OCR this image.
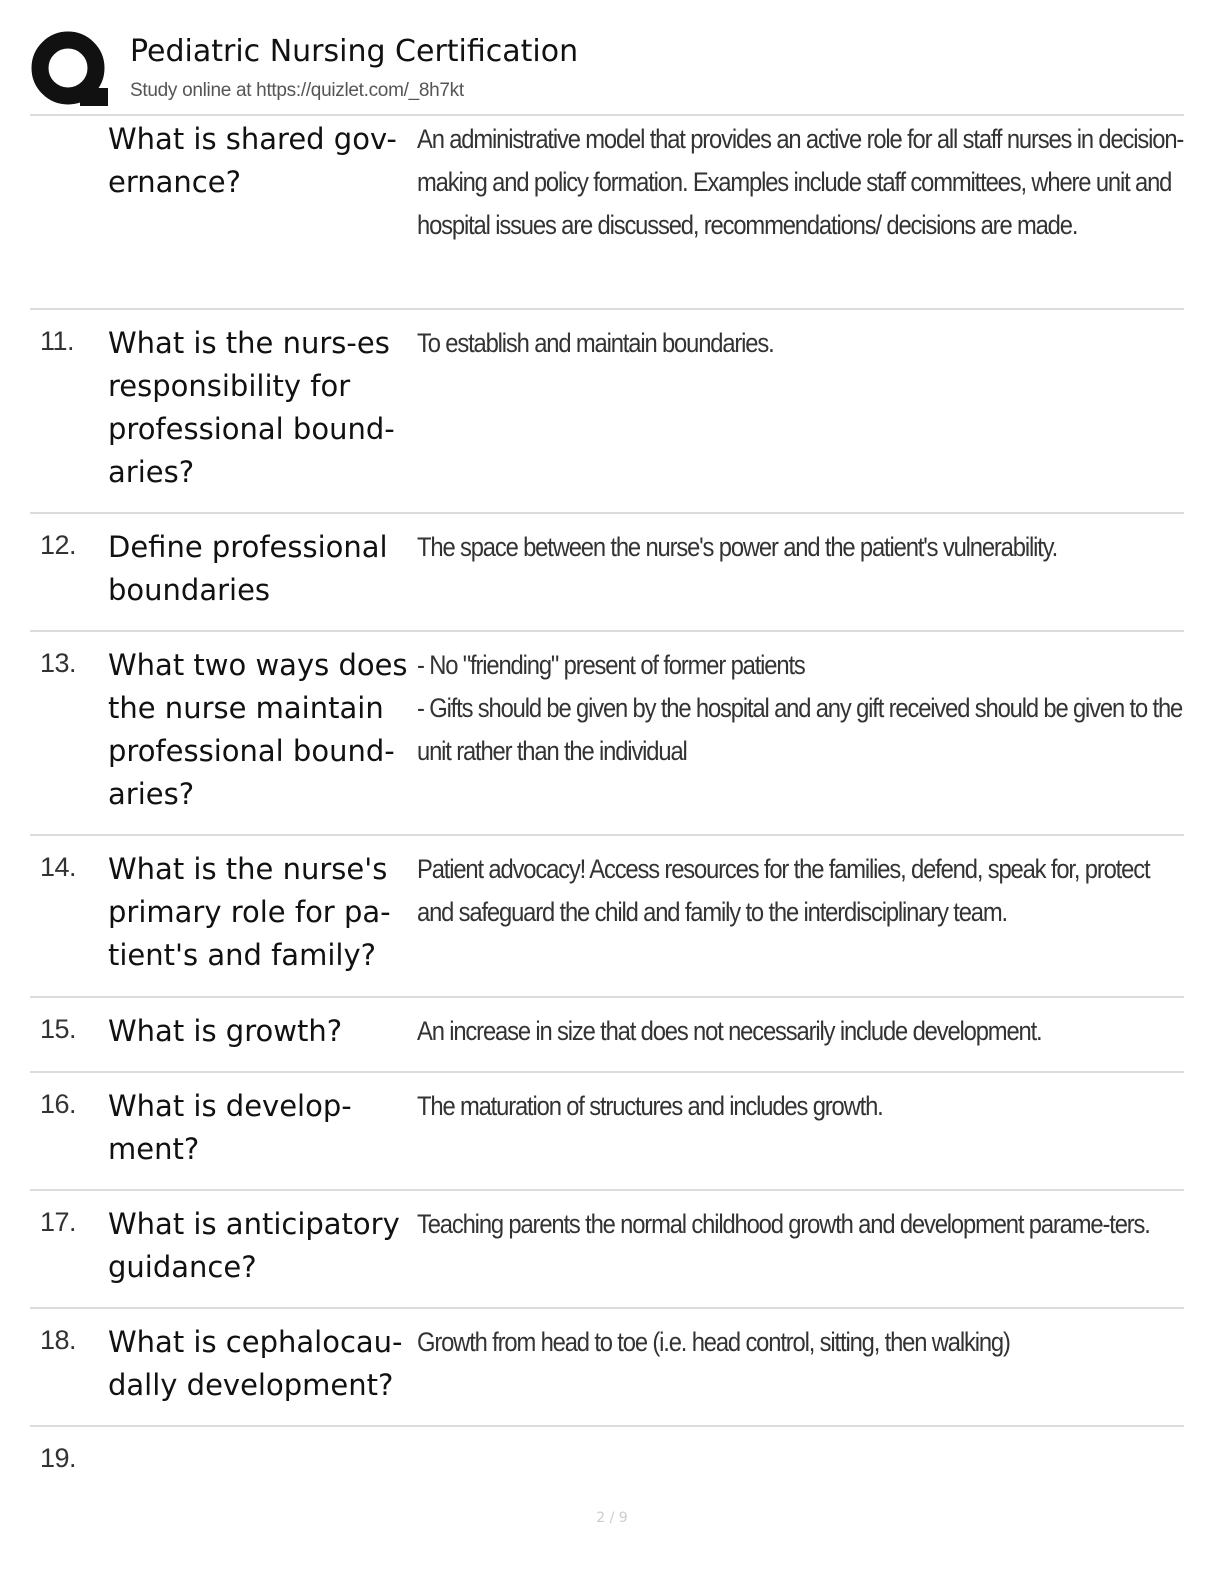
Pediatric Nursing Certification
Study online at https://quizlet.com/_8h7kt
What is shared gov-ernance?
An administrative model that provides an active role for all staff nurses in decision-making and policy formation. Examples include staff committees, where unit and hospital issues are discussed, recommendations/ decisions are made.
11. What is the nurs-es responsibility for professional bound-aries?
To establish and maintain boundaries.
12. Define professional boundaries
The space between the nurse's power and the patient's vulnerability.
13. What two ways does the nurse maintain professional bound-aries?
- No "friending" present of former patients
- Gifts should be given by the hospital and any gift received should be given to the unit rather than the individual
14. What is the nurse's primary role for pa-tient's and family?
Patient advocacy! Access resources for the families, defend, speak for, protect and safeguard the child and family to the interdisciplinary team.
15. What is growth?	An increase in size that does not necessarily include development.
16. What is develop-ment?
The maturation of structures and includes growth.
17. What is anticipatory guidance?
Teaching parents the normal childhood growth and development parame-ters.
18. What is cephalocau-dally development?
Growth from head to toe (i.e. head control, sitting, then walking)
19.
2 / 9
